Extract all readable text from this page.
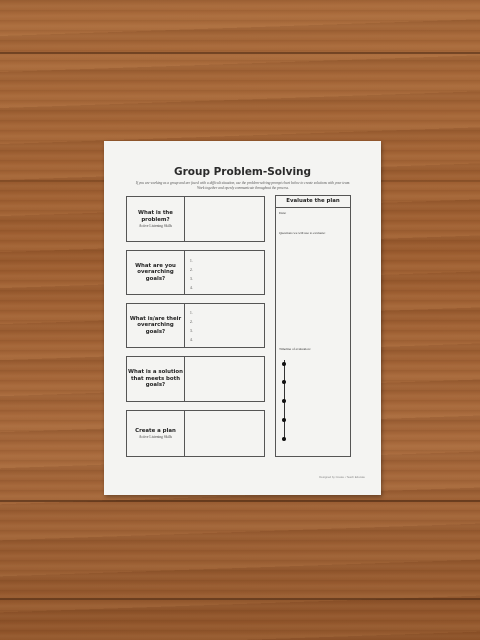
Group Problem-Solving
If you are working as a group and are faced with a difficult situation, use the problem-solving prompt chart below to create solutions with your team. Work together and openly communicate throughout the process.
What is the problem?
Active Listening Skills
What are you overarching goals?
1.
2.
3.
4.
What is/are their overarching goals?
1.
2.
3.
4.
What is a solution that meets both goals?
Create a plan
Active Listening Skills
Evaluate the plan
Date:
Questions we will use to evaluate:
Timeline of evaluation:
Designed by Create • Teach Educate
